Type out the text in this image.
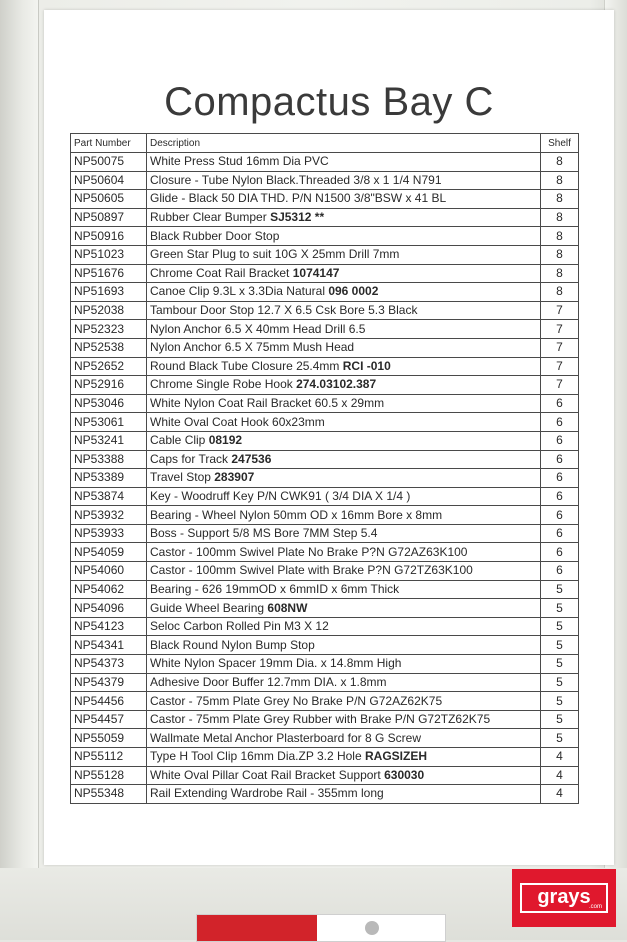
Compactus Bay C
Part Number	Description	Shelf
NP50075	White Press Stud 16mm Dia PVC	8
NP50604	Closure - Tube Nylon Black.Threaded 3/8 x 1 1/4 N791	8
NP50605	Glide - Black 50 DIA THD. P/N N1500 3/8"BSW x 41 BL	8
NP50897	Rubber Clear Bumper SJ5312 **	8
NP50916	Black Rubber Door Stop	8
NP51023	Green Star Plug to suit 10G X 25mm Drill 7mm	8
NP51676	Chrome Coat Rail Bracket 1074147	8
NP51693	Canoe Clip 9.3L x 3.3Dia Natural 096 0002	8
NP52038	Tambour Door Stop 12.7 X 6.5 Csk Bore 5.3 Black	7
NP52323	Nylon Anchor 6.5 X 40mm Head Drill 6.5	7
NP52538	Nylon Anchor 6.5 X 75mm Mush Head	7
NP52652	Round Black Tube Closure 25.4mm RCI -010	7
NP52916	Chrome Single Robe Hook 274.03102.387	7
NP53046	White Nylon Coat Rail Bracket 60.5 x 29mm	6
NP53061	White Oval Coat Hook 60x23mm	6
NP53241	Cable Clip 08192	6
NP53388	Caps for Track 247536	6
NP53389	Travel Stop 283907	6
NP53874	Key - Woodruff Key P/N CWK91 ( 3/4 DIA X 1/4 )	6
NP53932	Bearing - Wheel Nylon 50mm OD x 16mm Bore x 8mm	6
NP53933	Boss - Support 5/8 MS Bore 7MM Step 5.4	6
NP54059	Castor - 100mm Swivel Plate No Brake P?N G72AZ63K100	6
NP54060	Castor - 100mm Swivel Plate with Brake P?N G72TZ63K100	6
NP54062	Bearing - 626 19mmOD x 6mmID x 6mm Thick	5
NP54096	Guide Wheel Bearing 608NW	5
NP54123	Seloc Carbon Rolled Pin M3 X 12	5
NP54341	Black Round Nylon Bump Stop	5
NP54373	White Nylon Spacer 19mm Dia. x 14.8mm High	5
NP54379	Adhesive Door Buffer 12.7mm DIA. x 1.8mm	5
NP54456	Castor - 75mm Plate Grey No Brake P/N G72AZ62K75	5
NP54457	Castor - 75mm Plate Grey Rubber with Brake P/N G72TZ62K75	5
NP55059	Wallmate Metal Anchor Plasterboard for 8 G Screw	5
NP55112	Type H Tool Clip 16mm Dia.ZP 3.2 Hole RAGSIZEH	4
NP55128	White Oval Pillar Coat Rail Bracket Support 630030	4
NP55348	Rail Extending Wardrobe Rail - 355mm long	4
grays
.com
